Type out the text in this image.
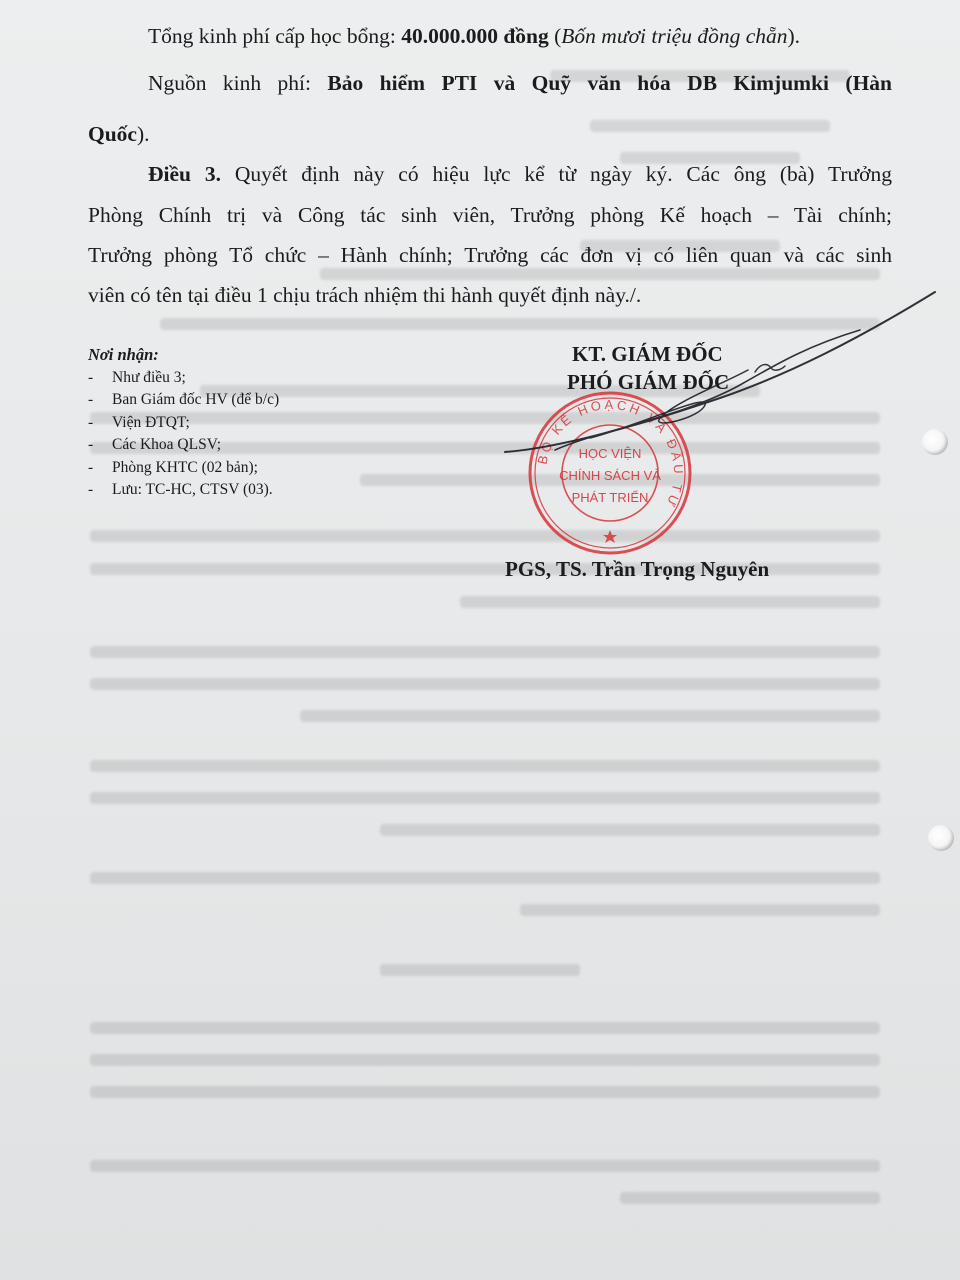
Tổng kinh phí cấp học bổng: 40.000.000 đồng (Bốn mươi triệu đồng chẵn).
Nguồn kinh phí: Bảo hiểm PTI và Quỹ văn hóa DB Kimjumki (Hàn
Quốc).
Điều 3. Quyết định này có hiệu lực kể từ ngày ký. Các ông (bà) Trưởng
Phòng Chính trị và Công tác sinh viên, Trưởng phòng Kế hoạch – Tài chính;
Trưởng phòng Tổ chức – Hành chính; Trưởng các đơn vị có liên quan và các sinh
viên có tên tại điều 1 chịu trách nhiệm thi hành quyết định này./.
Nơi nhận:
- Như điều 3;
- Ban Giám đốc HV (để b/c)
- Viện ĐTQT;
- Các Khoa QLSV;
- Phòng KHTC (02 bản);
- Lưu: TC-HC, CTSV (03).
KT. GIÁM ĐỐC
PHÓ GIÁM ĐỐC
BỘ KẾ HOẠCH VÀ ĐẦU TƯ
HỌC VIỆN
CHÍNH SÁCH VÀ
PHÁT TRIỂN
PGS, TS. Trần Trọng Nguyên
